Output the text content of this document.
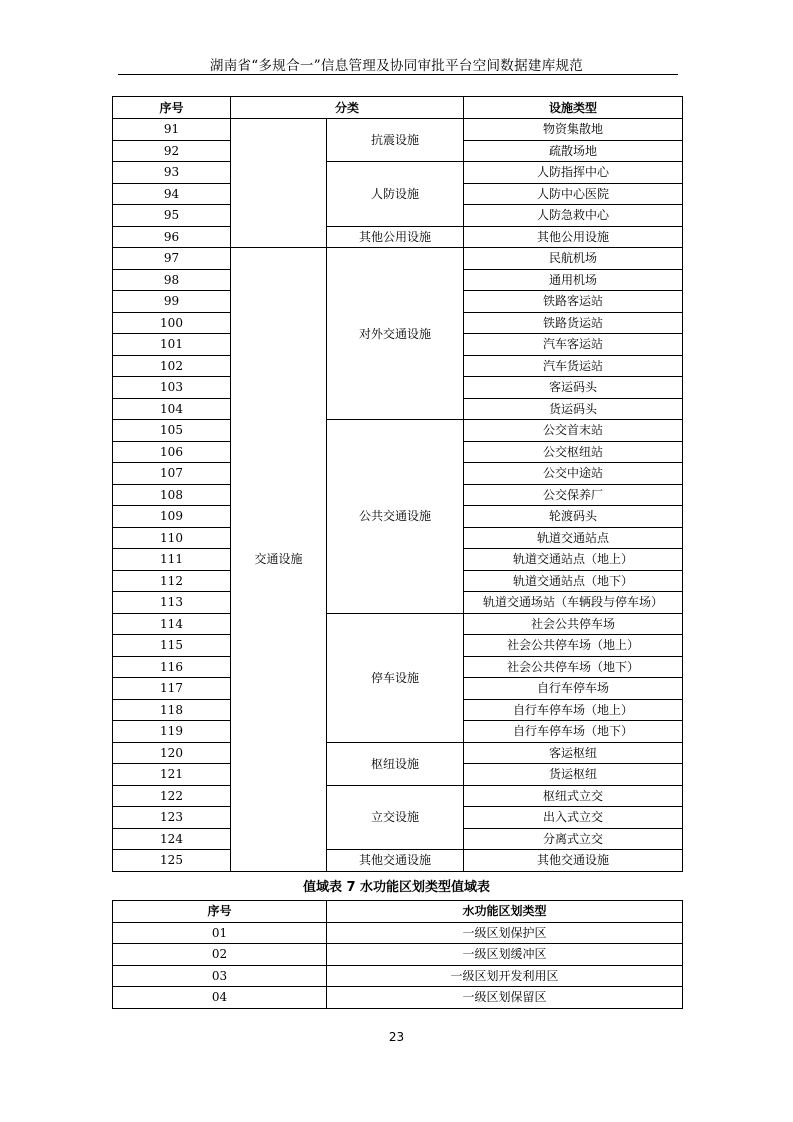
湖南省“多规合一”信息管理及协同审批平台空间数据建库规范
序号	分类		设施类型
91		抗震设施	物资集散地
92			疏散场地
93		人防设施	人防指挥中心
94			人防中心医院
95			人防急救中心
96		其他公用设施	其他公用设施
97	交通设施	对外交通设施	民航机场
98			通用机场
99			铁路客运站
100			铁路货运站
101			汽车客运站
102			汽车货运站
103			客运码头
104			货运码头
105		公共交通设施	公交首末站
106			公交枢纽站
107			公交中途站
108			公交保养厂
109			轮渡码头
110			轨道交通站点
111			轨道交通站点（地上）
112			轨道交通站点（地下）
113			轨道交通场站（车辆段与停车场）
114		停车设施	社会公共停车场
115			社会公共停车场（地上）
116			社会公共停车场（地下）
117			自行车停车场
118			自行车停车场（地上）
119			自行车停车场（地下）
120		枢纽设施	客运枢纽
121			货运枢纽
122		立交设施	枢纽式立交
123			出入式立交
124			分离式立交
125		其他交通设施	其他交通设施
值域表 7 水功能区划类型值域表
序号	水功能区划类型
01	一级区划保护区
02	一级区划缓冲区
03	一级区划开发利用区
04	一级区划保留区
23
